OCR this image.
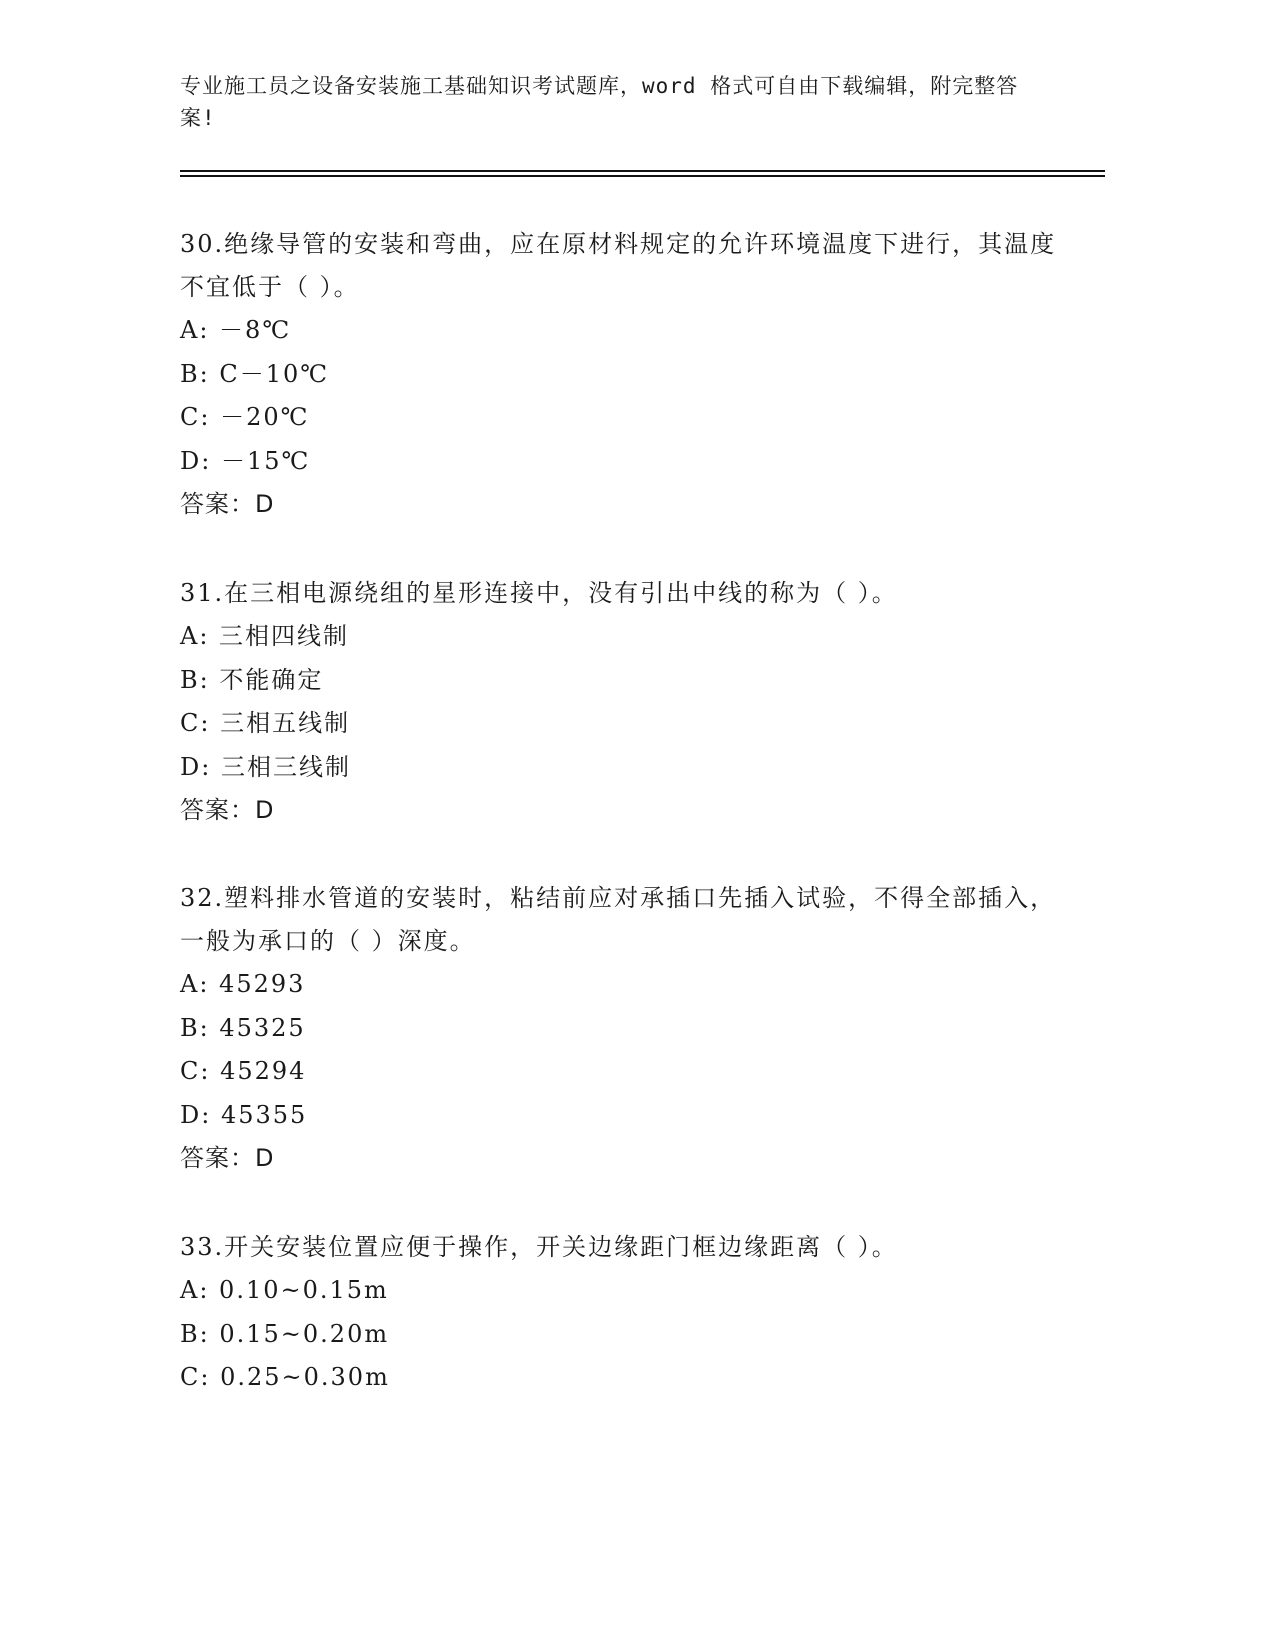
专业施工员之设备安装施工基础知识考试题库，word 格式可自由下载编辑，附完整答案!

30.绝缘导管的安装和弯曲，应在原材料规定的允许环境温度下进行，其温度不宜低于（ ）。

A: －8℃

B: C－10℃

C: －20℃

D: －15℃

答案：D

31.在三相电源绕组的星形连接中，没有引出中线的称为（ ）。

A: 三相四线制

B: 不能确定

C: 三相五线制

D: 三相三线制

答案：D

32.塑料排水管道的安装时，粘结前应对承插口先插入试验，不得全部插入，一般为承口的（ ）深度。

A: 45293

B: 45325

C: 45294

D: 45355

答案：D

33.开关安装位置应便于操作，开关边缘距门框边缘距离（ ）。

A: 0.10~0.15m

B: 0.15~0.20m

C: 0.25~0.30m
